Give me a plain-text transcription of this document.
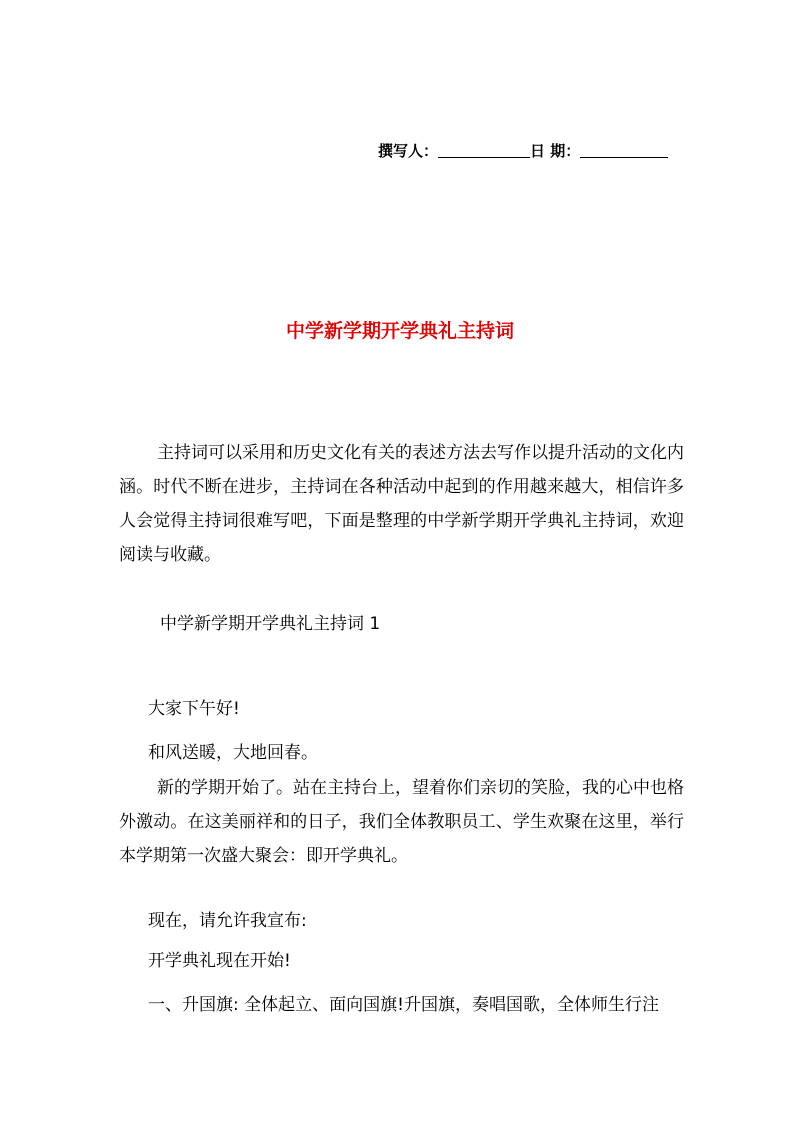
撰写人：	日 期：
中学新学期开学典礼主持词
主持词可以采用和历史文化有关的表述方法去写作以提升活动的文化内涵。时代不断在进步，主持词在各种活动中起到的作用越来越大，相信许多人会觉得主持词很难写吧，下面是整理的中学新学期开学典礼主持词，欢迎阅读与收藏。
中学新学期开学典礼主持词 1
大家下午好!
和风送暖，大地回春。
新的学期开始了。站在主持台上，望着你们亲切的笑脸，我的心中也格外激动。在这美丽祥和的日子，我们全体教职员工、学生欢聚在这里，举行本学期第一次盛大聚会：即开学典礼。
现在，请允许我宣布:
开学典礼现在开始!
一、升国旗: 全体起立、面向国旗!升国旗，奏唱国歌，全体师生行注
